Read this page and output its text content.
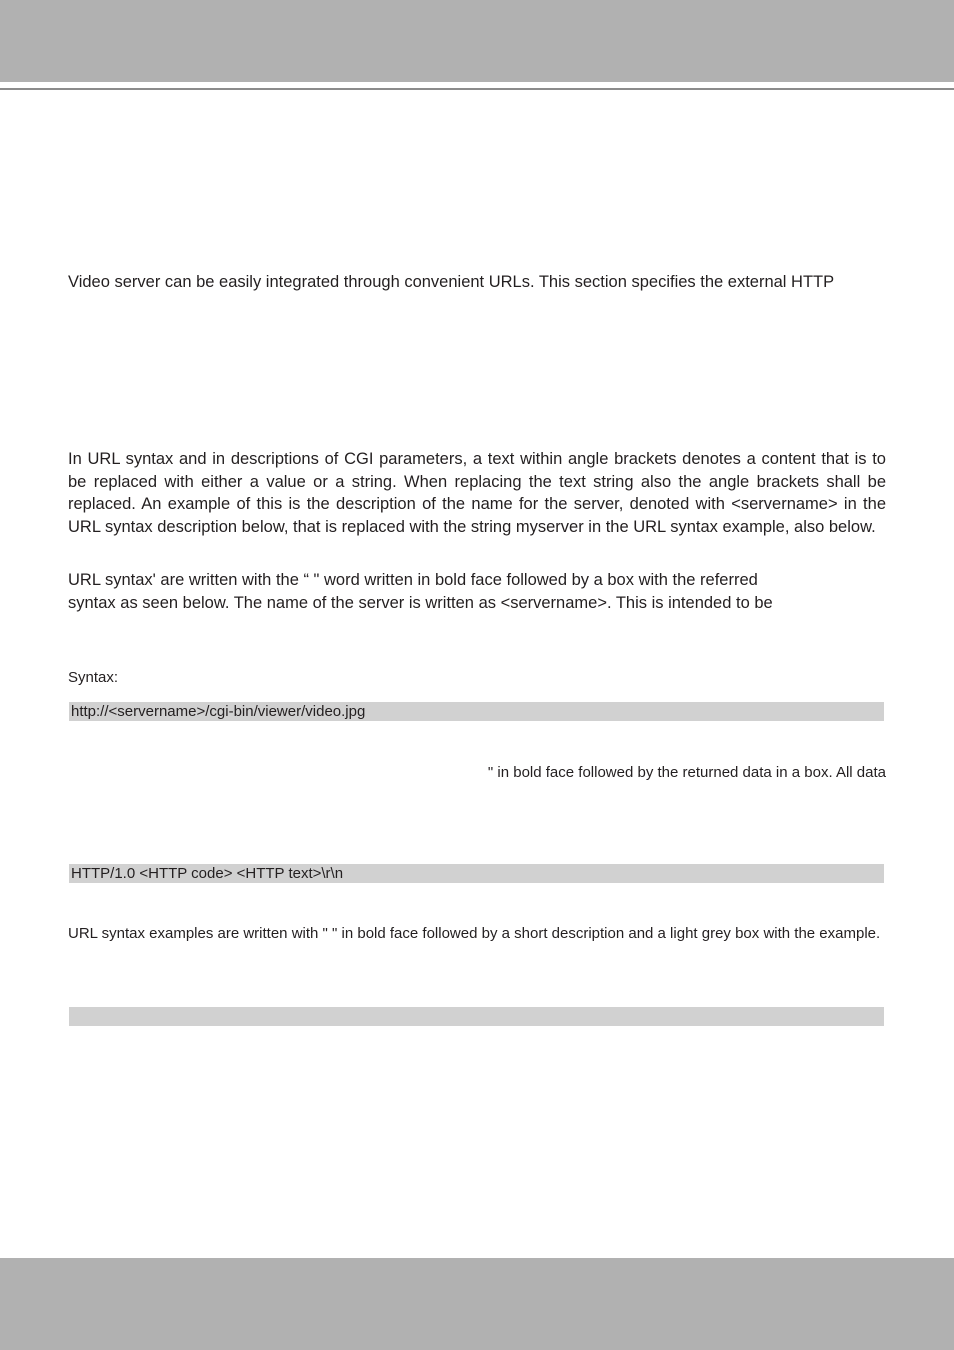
Video server can be easily integrated through convenient URLs. This section specifies the external HTTP
In URL syntax and in descriptions of CGI parameters, a text within angle brackets denotes a content that is to be replaced with either a value or a string. When replacing the text string also the angle brackets shall be replaced. An example of this is the description of the name for the server, denoted with <servername> in the URL syntax description below, that is replaced with the string myserver in the URL syntax example, also below.
URL syntax' are written with the “ " word written in bold face followed by a box with the referred
syntax as seen below. The name of the server is written as <servername>. This is intended to be
Syntax:
http://<servername>/cgi-bin/viewer/video.jpg
" in bold face followed by the returned data in a box. All data
HTTP/1.0 <HTTP code> <HTTP text>\r\n
URL syntax examples are written with " " in bold face followed by a short description and a light grey box with the example.
